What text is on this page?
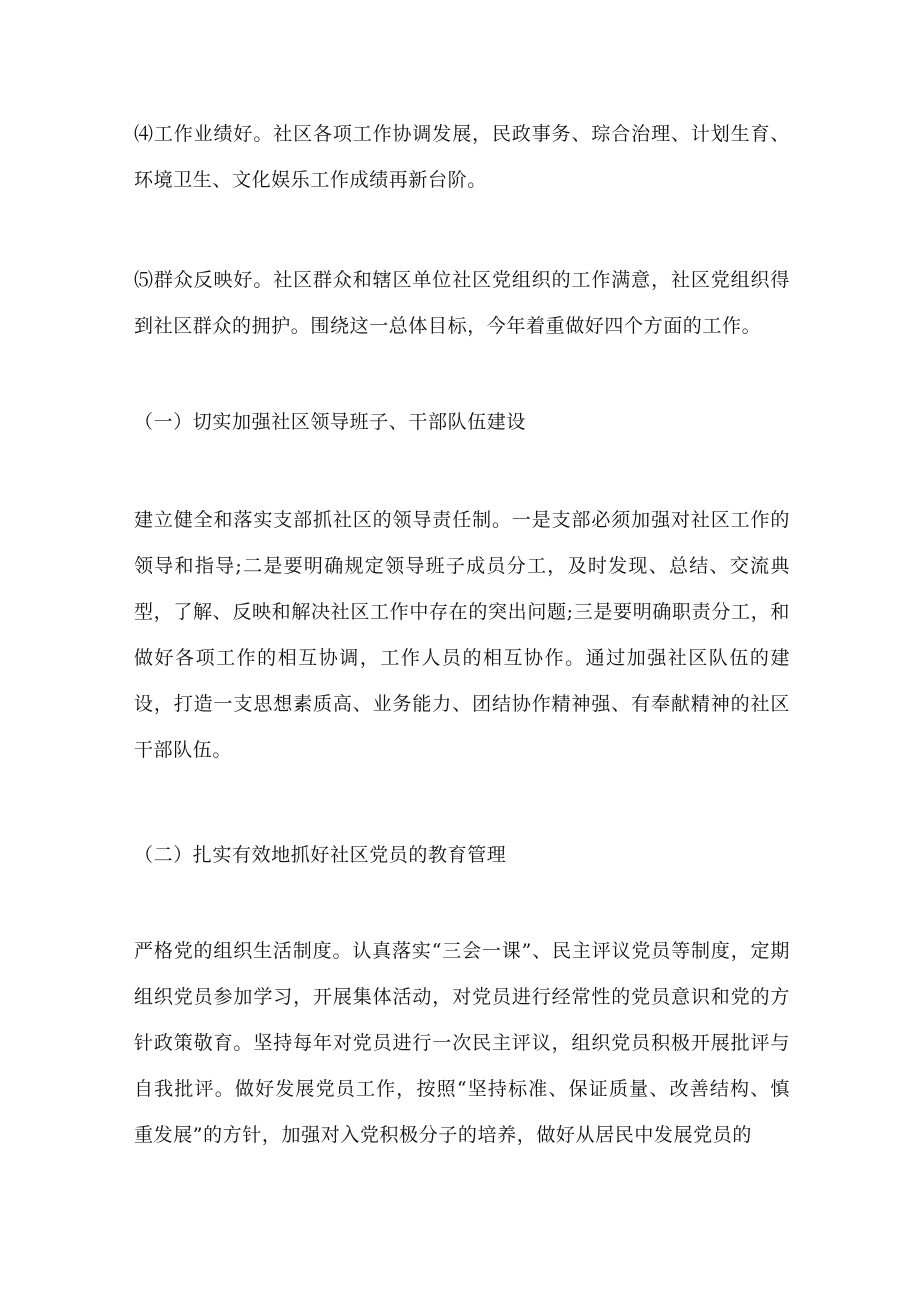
⑷工作业绩好。社区各项工作协调发展，民政事务、琮合治理、计划生育、环境卫生、文化娱乐工作成绩再新台阶。

⑸群众反映好。社区群众和辖区单位社区党组织的工作满意，社区党组织得到社区群众的拥护。围绕这一总体目标，今年着重做好四个方面的工作。

（一）切实加强社区领导班子、干部队伍建设

建立健全和落实支部抓社区的领导责任制。一是支部必须加强对社区工作的领导和指导;二是要明确规定领导班子成员分工，及时发现、总结、交流典型，了解、反映和解决社区工作中存在的突出问题;三是要明确职责分工，和做好各项工作的相互协调，工作人员的相互协作。通过加强社区队伍的建设，打造一支思想素质高、业务能力、团结协作精神强、有奉献精神的社区干部队伍。

（二）扎实有效地抓好社区党员的教育管理

严格党的组织生活制度。认真落实“三会一课”、民主评议党员等制度，定期组织党员参加学习，开展集体活动，对党员进行经常性的党员意识和党的方针政策敬育。坚持每年对党员进行一次民主评议，组织党员积极开展批评与自我批评。做好发展党员工作，按照“坚持标准、保证质量、改善结构、慎重发展”的方针，加强对入党积极分子的培养，做好从居民中发展党员的
